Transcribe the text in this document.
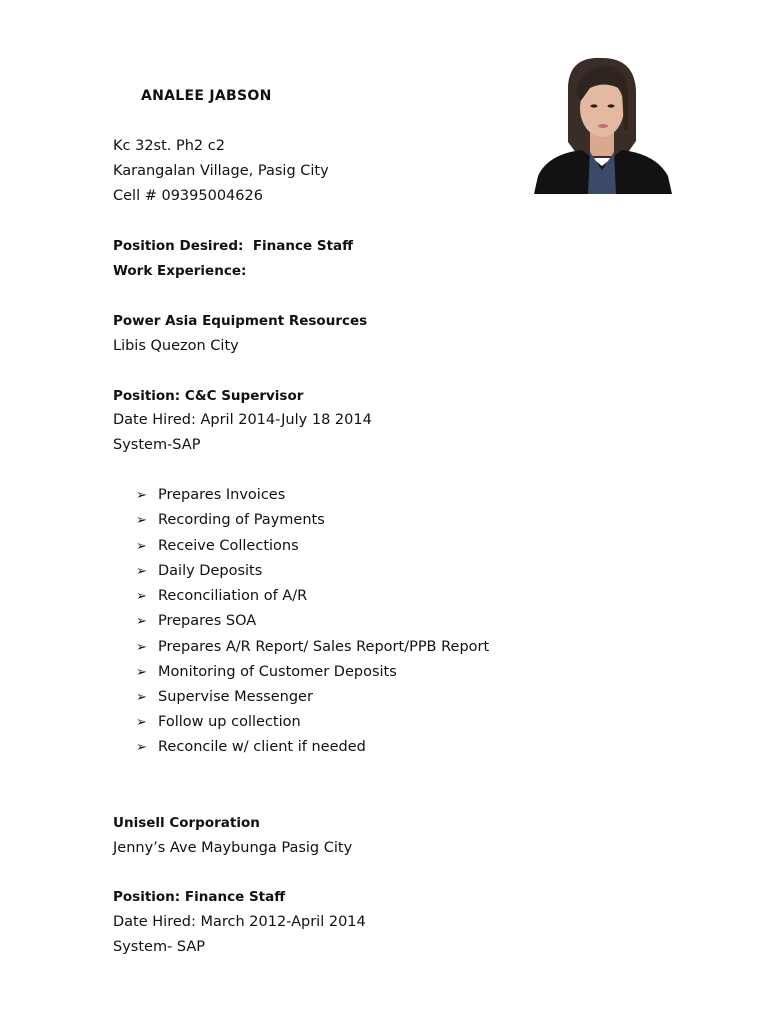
ANALEE JABSON
Kc 32st. Ph2 c2
Karangalan Village, Pasig City
Cell # 09395004626
Position Desired: Finance Staff
Work Experience:
Power Asia Equipment Resources
Libis Quezon City
Position: C&C Supervisor
Date Hired: April 2014-July 18 2014
System-SAP
➢ Prepares Invoices
➢ Recording of Payments
➢ Receive Collections
➢ Daily Deposits
➢ Reconciliation of A/R
➢ Prepares SOA
➢ Prepares A/R Report/ Sales Report/PPB Report
➢ Monitoring of Customer Deposits
➢ Supervise Messenger
➢ Follow up collection
➢ Reconcile w/ client if needed
Unisell Corporation
Jenny’s Ave Maybunga Pasig City
Position: Finance Staff
Date Hired: March 2012-April 2014
System- SAP
